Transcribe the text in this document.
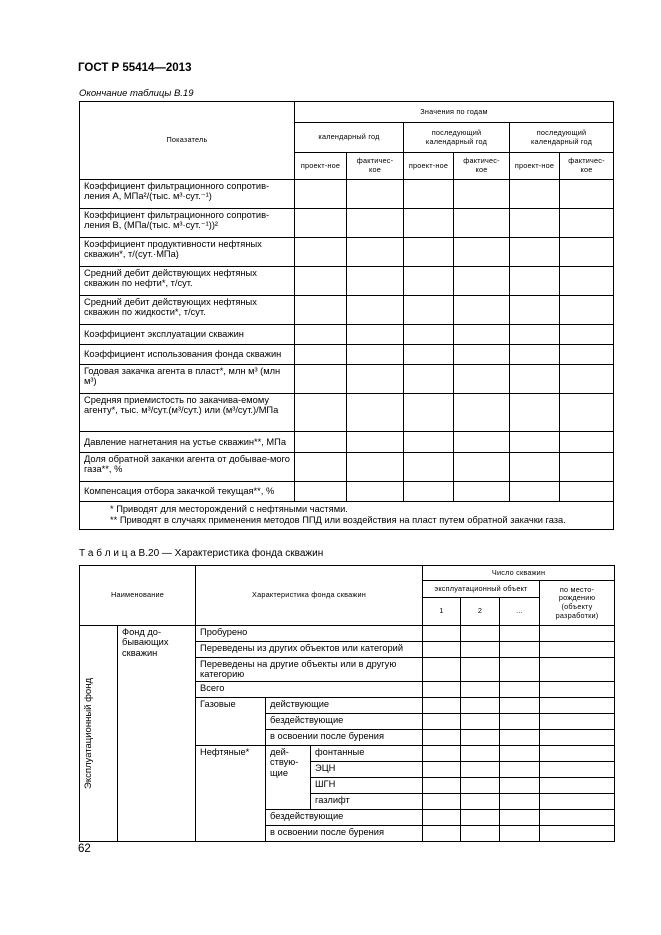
ГОСТ Р 55414—2013
Окончание таблицы В.19
Показатель	Значения по годам					
	календарный год		последующий календарный год		последующий календарный год	
	проект-ное	фактичес-кое	проект-ное	фактичес-кое	проект-ное	фактичес-кое
Коэффициент фильтрационного сопротив-ления A, МПа²/(тыс. м³·сут.⁻¹)						
Коэффициент фильтрационного сопротив-ления B, (МПа/(тыс. м³·сут.⁻¹))²						
Коэффициент продуктивности нефтяных скважин*, т/(сут.·МПа)						
Средний дебит действующих нефтяных скважин по нефти*, т/сут.						
Средний дебит действующих нефтяных скважин по жидкости*, т/сут.						
Коэффициент эксплуатации скважин						
Коэффициент использования фонда скважин						
Годовая закачка агента в пласт*, млн м³ (млн м³)						
Средняя приемистость по закачива-емому агенту*, тыс. м³/сут.(м³/сут.) или (м³/сут.)/МПа						
Давление нагнетания на устье скважин**, МПа						
Доля обратной закачки агента от добывае-мого газа**, %						
Компенсация отбора закачкой текущая**, %						

* Приводят для месторождений с нефтяными частями.
** Приводят в случаях применения методов ППД или воздействия на пласт путем обратной закачки газа.						
Т а б л и ц а В.20 — Характеристика фонда скважин
Наименование		Характеристика фонда скважин			Число скважин			
					эксплуатационный объект			по место-рождению (объекту разработки)
					1	2	...	

Эксплуатационный фонд	Фонд до-бывающих скважин	Пробурено						
		Переведены из других объектов или категорий						
		Переведены на другие объекты или в другую категорию						
		Всего						
		Газовые	действующие					
			бездействующие					
			в освоении после бурения					
		Нефтяные*	дей-ствую-щие	фонтанные				
				ЭЦН				
				ШГН				
				газлифт				
			бездействующие					
			в освоении после бурения					
62
